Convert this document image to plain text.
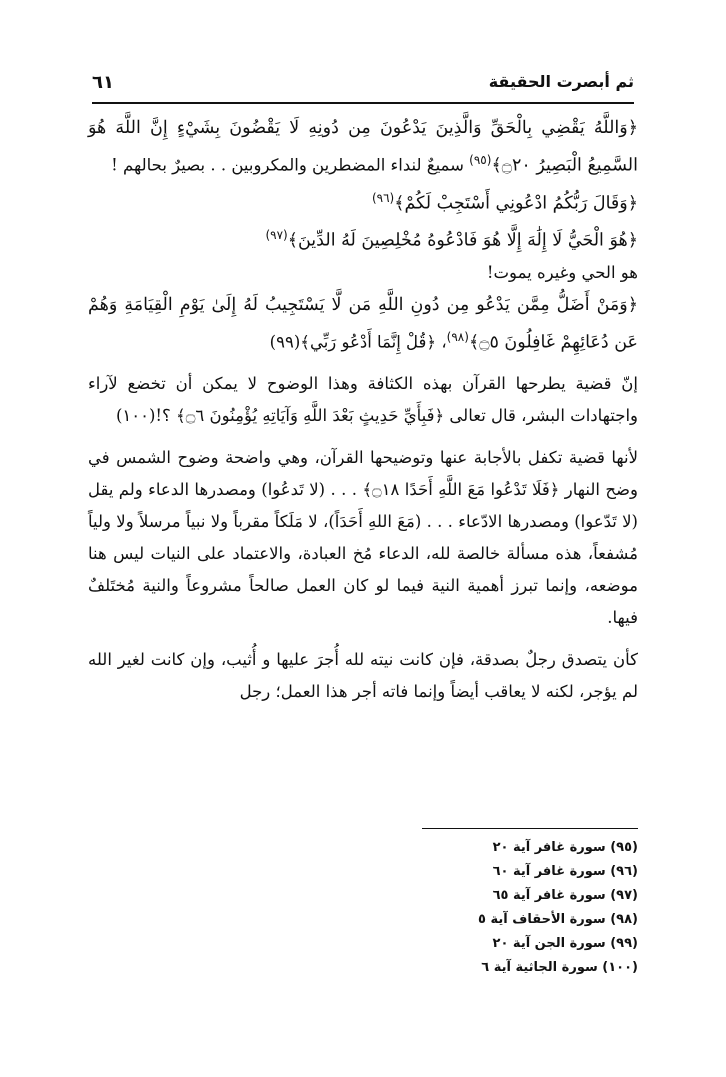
ثم أبصرت الحقيقة
٦١

﴿وَاللَّهُ يَقْضِي بِالْحَقِّ وَالَّذِينَ يَدْعُونَ مِن دُونِهِ لَا يَقْضُونَ بِشَيْءٍ إِنَّ اللَّهَ هُوَ السَّمِيعُ الْبَصِيرُ ۝٢٠﴾$^{(٩٥)}$ سميعٌ لنداء المضطرين والمكروبين . . بصيرٌ بحالهم !

﴿وَقَالَ رَبُّكُمُ ادْعُونِي أَسْتَجِبْ لَكُمْ﴾$^{(٩٦)}$

﴿هُوَ الْحَيُّ لَا إِلَٰهَ إِلَّا هُوَ فَادْعُوهُ مُخْلِصِينَ لَهُ الدِّينَ﴾$^{(٩٧)}$

هو الحي وغيره يموت!

﴿وَمَنْ أَضَلُّ مِمَّن يَدْعُو مِن دُونِ اللَّهِ مَن لَّا يَسْتَجِيبُ لَهُ إِلَىٰ يَوْمِ الْقِيَامَةِ وَهُمْ عَن دُعَائِهِمْ غَافِلُونَ ۝٥﴾$^{(٩٨)}$، ﴿قُلْ إِنَّمَا أَدْعُو رَبِّي﴾(٩٩)

إنّ قضية يطرحها القرآن بهذه الكثافة وهذا الوضوح لا يمكن أن تخضع لآراء واجتهادات البشر، قال تعالى ﴿فَبِأَيِّ حَدِيثٍ بَعْدَ اللَّهِ وَآيَاتِهِ يُؤْمِنُونَ ۝٦﴾ ؟!(١٠٠)

لأنها قضية تكفل بالأجابة عنها وتوضيحها القرآن، وهي واضحة وضوح الشمس في وضح النهار ﴿فَلَا تَدْعُوا مَعَ اللَّهِ أَحَدًا ۝١٨﴾ . . . (لا تَدعُوا) ومصدرها الدعاء ولم يقل (لا تَدّعوا) ومصدرها الادّعاء . . . (مَعَ اللهِ أَحَدَاً)، لا مَلَكاً مقرباً ولا نبياً مرسلاً ولا ولياً مُشفعاً، هذه مسألة خالصة لله، الدعاء مُخ العبادة، والاعتماد على النيات ليس هنا موضعه، وإنما تبرز أهمية النية فيما لو كان العمل صالحاً مشروعاً والنية مُختَلفٌ فيها.

كأن يتصدق رجلٌ بصدقة، فإن كانت نيته لله أُجرَ عليها و أُثيب، وإن كانت لغير الله لم يؤجر، لكنه لا يعاقب أيضاً وإنما فاته أجر هذا العمل؛ رجل

(٩٥) سورة غافر آية ٢٠
(٩٦) سورة غافر آية ٦٠
(٩٧) سورة غافر آية ٦٥
(٩٨) سورة الأحقاف آية ٥
(٩٩) سورة الجن آية ٢٠
(١٠٠) سورة الجاثية آية ٦
